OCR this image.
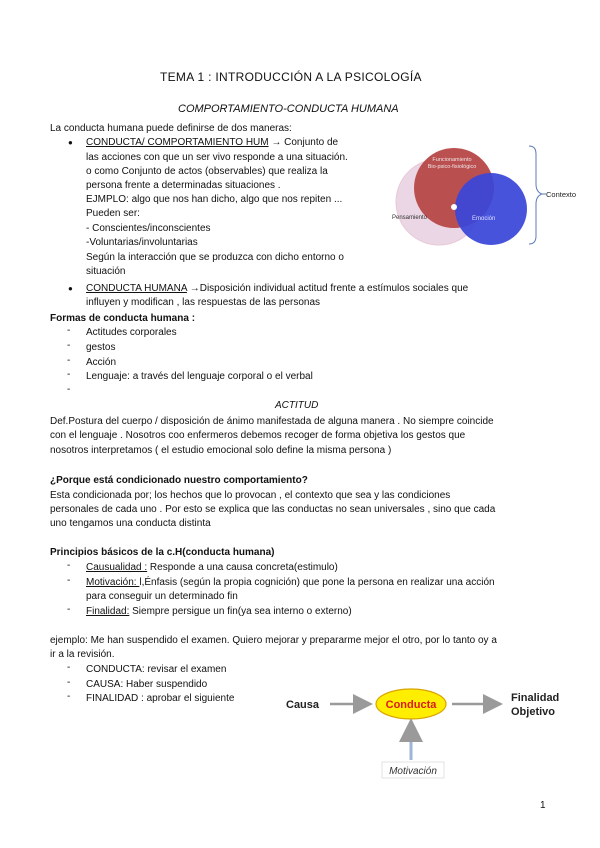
TEMA 1 : INTRODUCCIÓN A LA PSICOLOGÍA
COMPORTAMIENTO-CONDUCTA HUMANA
La conducta humana puede definirse de dos maneras:
● CONDUCTA/ COMPORTAMIENTO HUM → Conjunto de
las acciones con que un ser vivo responde a una situación.
o como Conjunto de actos (observables) que realiza la
persona frente a determinadas situaciones .
EJMPLO: algo que nos han dicho, algo que nos repiten ...
Pueden ser:
- Conscientes/inconscientes
-Voluntarias/involuntarias
Según la interacción que se produzca con dicho entorno o
situación
● CONDUCTA HUMANA →Disposición individual actitud frente a estímulos sociales que
influyen y modifican , las respuestas de las personas
Funcionamiento
Bio-psico-fisiológico
Pensamiento	Emoción
Contexto
Formas de conducta humana :
- Actitudes corporales
- gestos
- Acción
- Lenguaje: a través del lenguaje corporal o el verbal
-
ACTITUD
Def.Postura del cuerpo / disposición de ánimo manifestada de alguna manera . No siempre coincide
con el lenguaje . Nosotros coo enfermeros debemos recoger de forma objetiva los gestos que
nosotros interpretamos ( el estudio emocional solo define la misma persona )
¿Porque está condicionado nuestro comportamiento?
Esta condicionada por; los hechos que lo provocan , el contexto que sea y las condiciones
personales de cada uno . Por esto se explica que las conductas no sean universales , sino que cada
uno tengamos una conducta distinta
Principios básicos de la c.H(conducta humana)
- Causualidad : Responde a una causa concreta(estimulo)
- Motivación: l,Énfasis (según la propia cognición) que pone la persona en realizar una acción
para conseguir un determinado fin
- Finalidad: Siempre persigue un fin(ya sea interno o externo)
ejemplo: Me han suspendido el examen. Quiero mejorar y prepararme mejor el otro, por lo tanto oy a
ir a la revisión.
- CONDUCTA: revisar el examen
- CAUSA: Haber suspendido
- FINALIDAD : aprobar el siguiente
Causa	Conducta
Finalidad
Objetivo
Motivación
1
